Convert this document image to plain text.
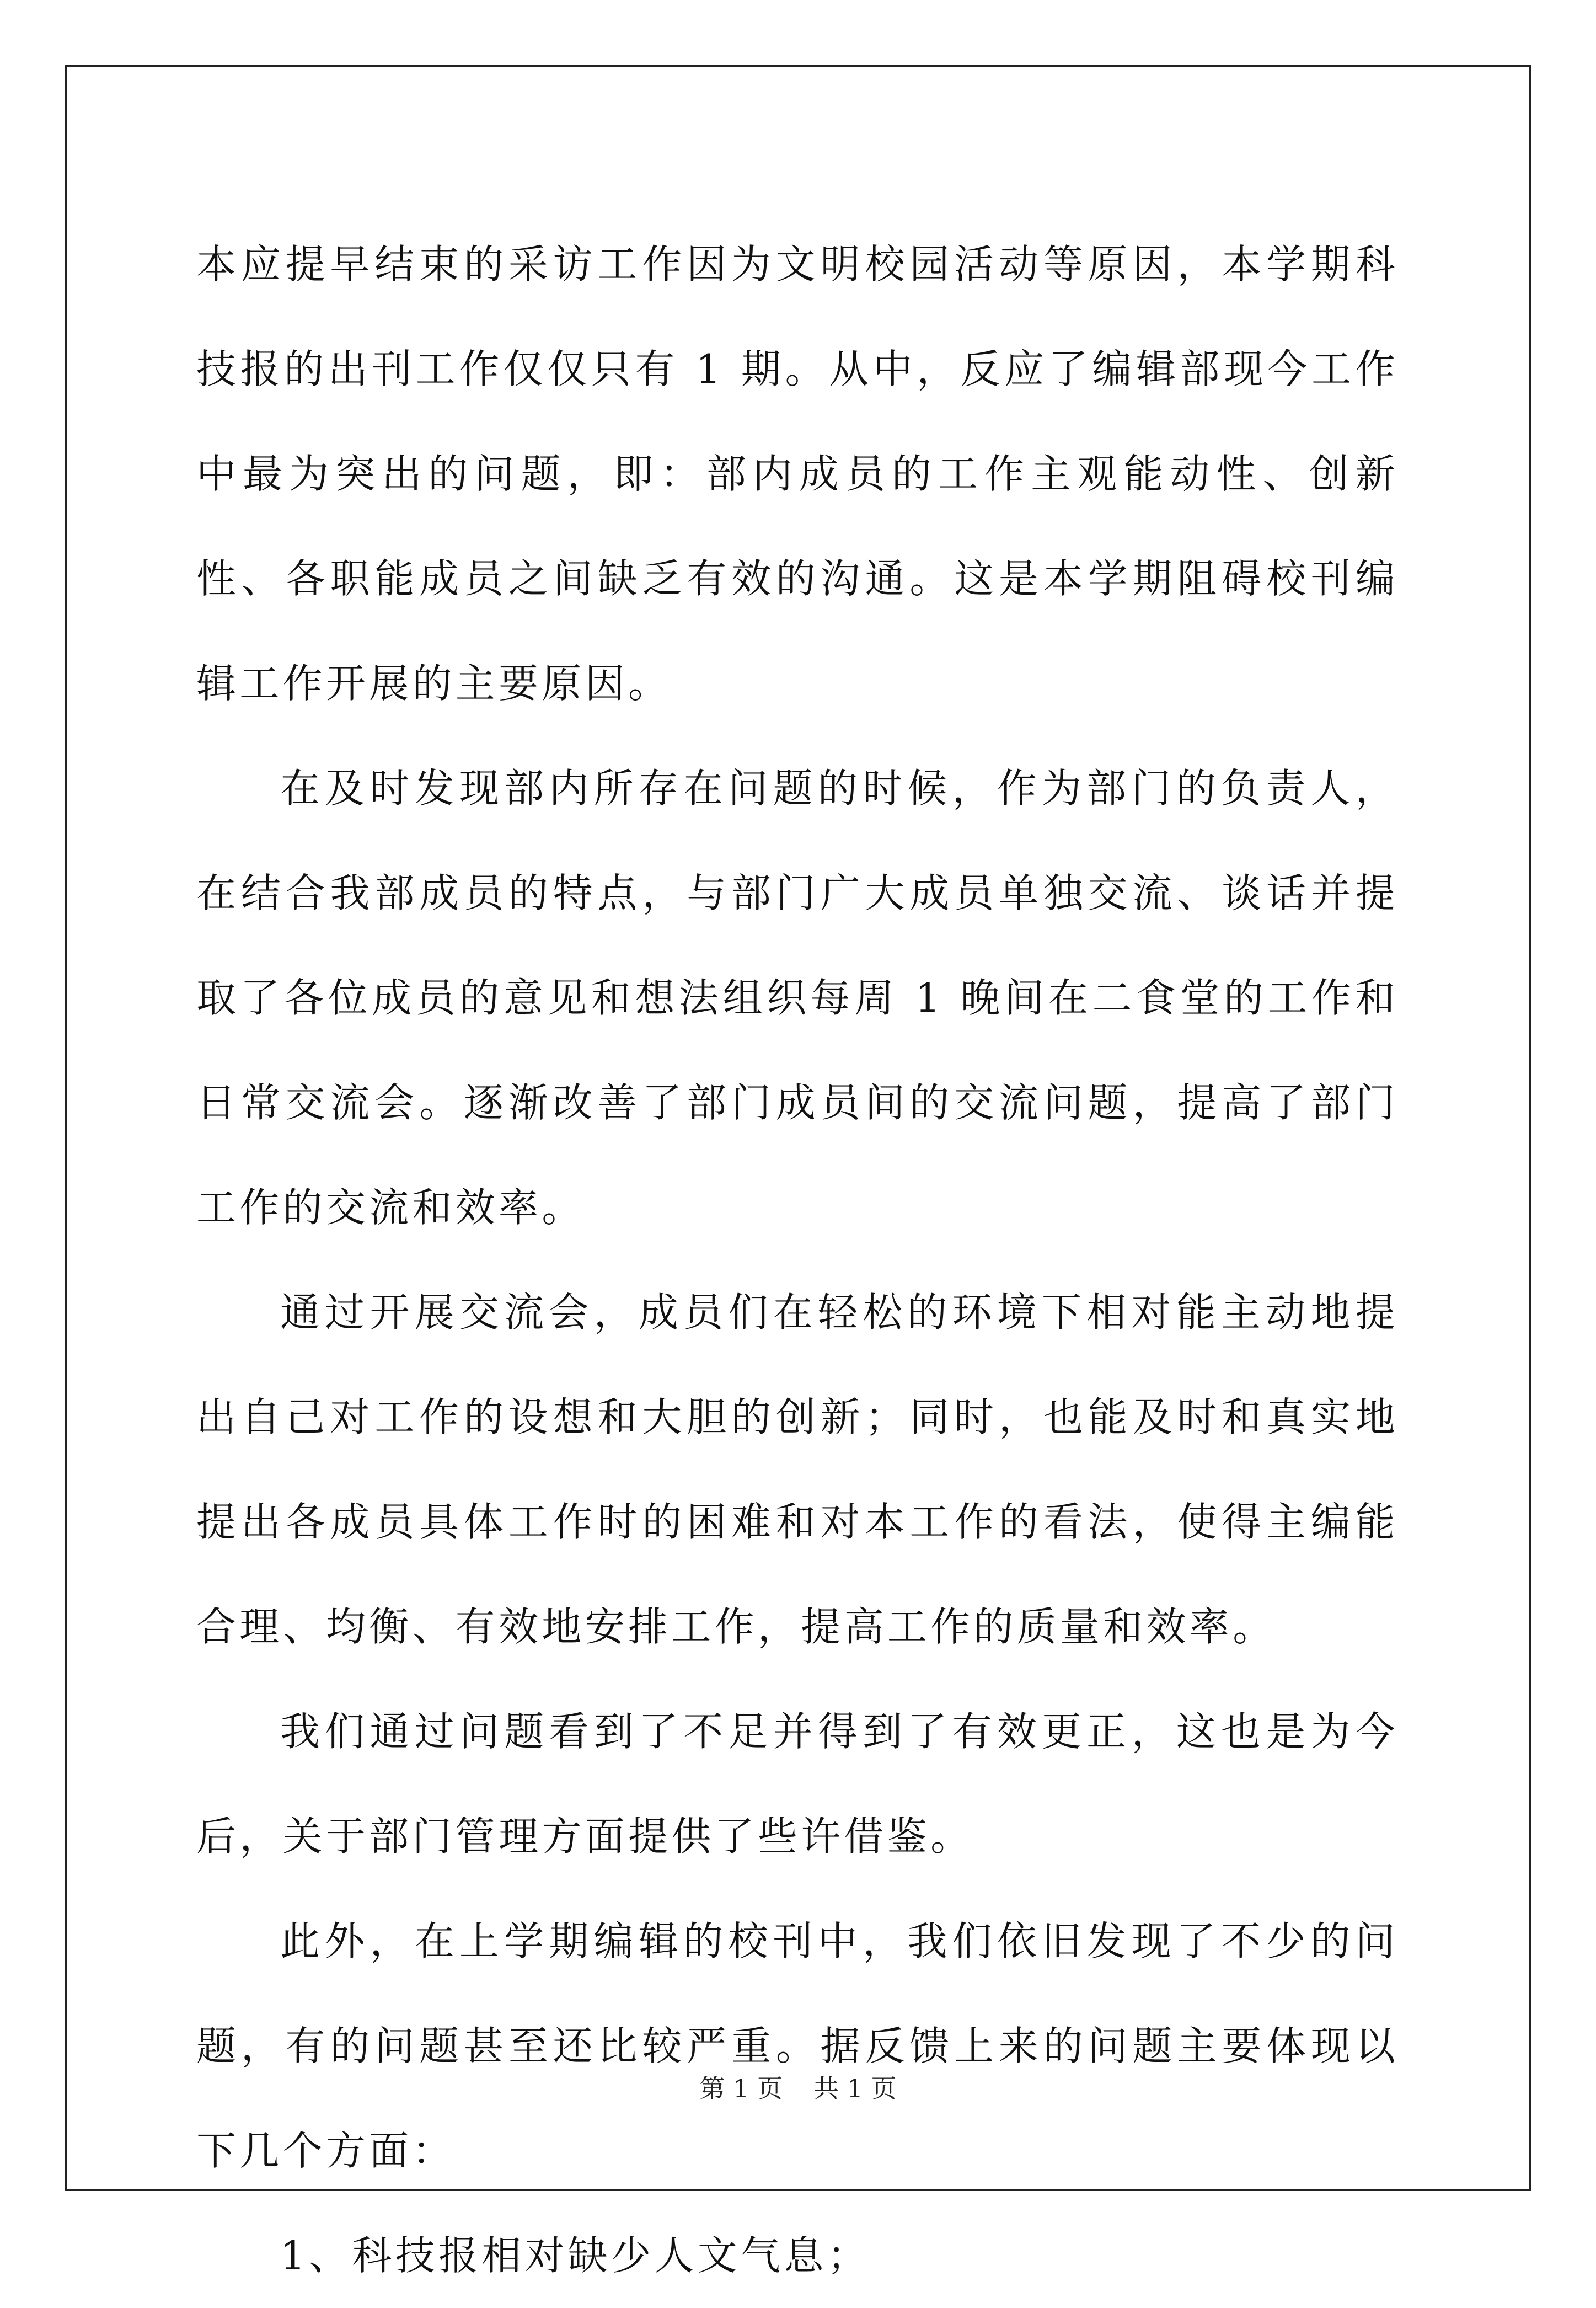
本应提早结束的采访工作因为文明校园活动等原因，本学期科技报的出刊工作仅仅只有 1 期。从中，反应了编辑部现今工作中最为突出的问题，即：部内成员的工作主观能动性、创新性、各职能成员之间缺乏有效的沟通。这是本学期阻碍校刊编辑工作开展的主要原因。

在及时发现部内所存在问题的时候，作为部门的负责人，在结合我部成员的特点，与部门广大成员单独交流、谈话并提取了各位成员的意见和想法组织每周 1 晚间在二食堂的工作和日常交流会。逐渐改善了部门成员间的交流问题，提高了部门工作的交流和效率。

通过开展交流会，成员们在轻松的环境下相对能主动地提出自己对工作的设想和大胆的创新；同时，也能及时和真实地提出各成员具体工作时的困难和对本工作的看法，使得主编能合理、均衡、有效地安排工作，提高工作的质量和效率。

我们通过问题看到了不足并得到了有效更正，这也是为今后，关于部门管理方面提供了些许借鉴。

此外，在上学期编辑的校刊中，我们依旧发现了不少的问题，有的问题甚至还比较严重。据反馈上来的问题主要体现以下几个方面：

1、科技报相对缺少人文气息；

第 1 页 共 1 页
